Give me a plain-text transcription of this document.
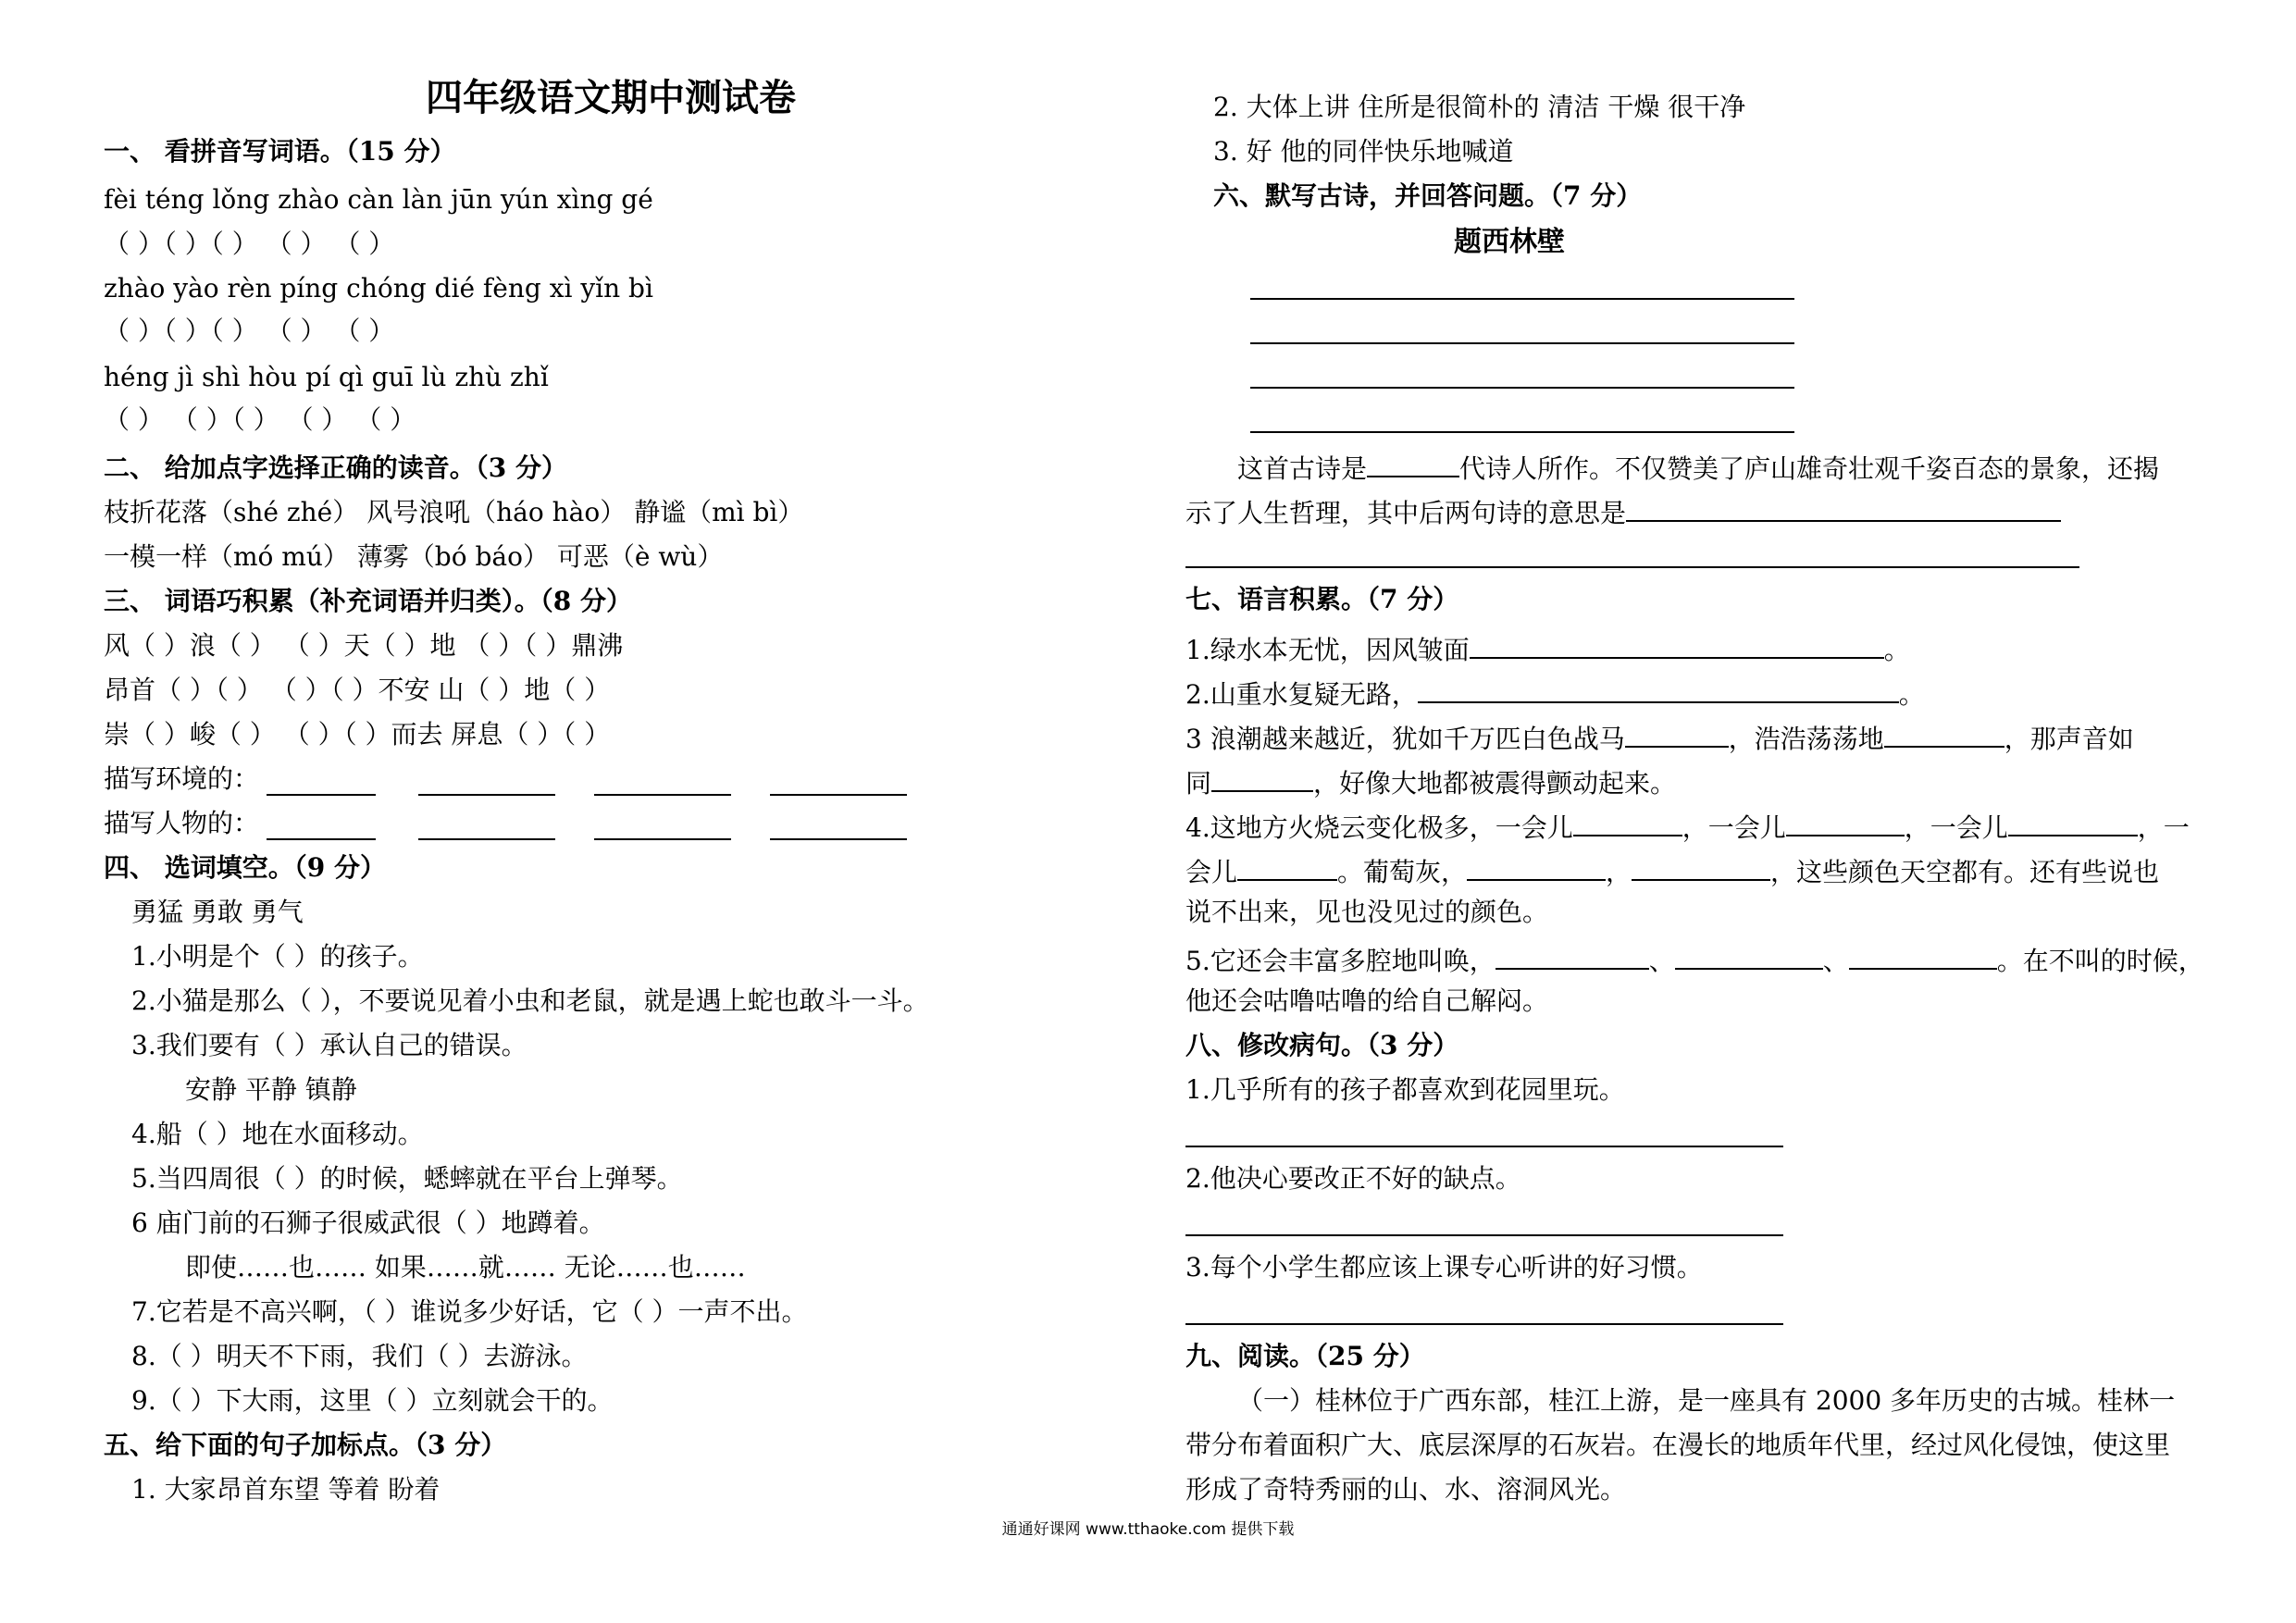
四年级语文期中测试卷
一、 看拼音写词语。（15 分）
fèi téng lǒng zhào càn làn jūn yún xìng gé
（ ）（ ）（ ） （ ） （ ）
zhào yào rèn píng chóng dié fèng xì yǐn bì
（ ）（ ）（ ） （ ） （ ）
héng jì shì hòu pí qì guī lù zhù zhǐ
（ ） （ ）（ ） （ ） （ ）
二、 给加点字选择正确的读音。（3 分）
枝折花落（shé zhé） 风号浪吼（háo hào） 静谧（mì bì）
一模一样（mó mú） 薄雾（bó báo） 可恶（è wù）
三、 词语巧积累（补充词语并归类）。（8 分）
风（ ）浪（ ） （ ）天（ ）地 （ ）（ ）鼎沸
昂首（ ）（ ） （ ）（ ）不安 山（ ）地（ ）
崇（ ）峻（ ） （ ）（ ）而去 屏息（ ）（ ）
描写环境的：
描写人物的：
四、 选词填空。（9 分）
勇猛 勇敢 勇气
1.小明是个（ ）的孩子。
2.小猫是那么（ ），不要说见着小虫和老鼠，就是遇上蛇也敢斗一斗。
3.我们要有（ ）承认自己的错误。
安静 平静 镇静
4.船（ ）地在水面移动。
5.当四周很（ ）的时候，蟋蟀就在平台上弹琴。
6 庙门前的石狮子很威武很（ ）地蹲着。
即使……也…… 如果……就…… 无论……也……
7.它若是不高兴啊，（ ）谁说多少好话，它（ ）一声不出。
8.（ ）明天不下雨，我们（ ）去游泳。
9.（ ）下大雨，这里（ ）立刻就会干的。
五、给下面的句子加标点。（3 分）
1. 大家昂首东望 等着 盼着
2. 大体上讲 住所是很简朴的 清洁 干燥 很干净
3. 好 他的同伴快乐地喊道
六、默写古诗，并回答问题。（7 分）
题西林壁
这首古诗是	代诗人所作。不仅赞美了庐山雄奇壮观千姿百态的景象，还揭
示了人生哲理，其中后两句诗的意思是
七、语言积累。（7 分）
1.绿水本无忧，因风皱面	。
2.山重水复疑无路，	。
3 浪潮越来越近，犹如千万匹白色战马	，浩浩荡荡地	，那声音如
同	，好像大地都被震得颤动起来。
4.这地方火烧云变化极多，一会儿	，一会儿	，一会儿	，一
会儿	。葡萄灰，	，	，这些颜色天空都有。还有些说也
说不出来，见也没见过的颜色。
5.它还会丰富多腔地叫唤，	、	、	。在不叫的时候，
他还会咕噜咕噜的给自己解闷。
八、修改病句。（3 分）
1.几乎所有的孩子都喜欢到花园里玩。
2.他决心要改正不好的缺点。
3.每个小学生都应该上课专心听讲的好习惯。
九、阅读。（25 分）
（一）桂林位于广西东部，桂江上游，是一座具有 2000 多年历史的古城。桂林一
带分布着面积广大、底层深厚的石灰岩。在漫长的地质年代里，经过风化侵蚀，使这里
形成了奇特秀丽的山、水、溶洞风光。
通通好课网 www.tthaoke.com 提供下载
